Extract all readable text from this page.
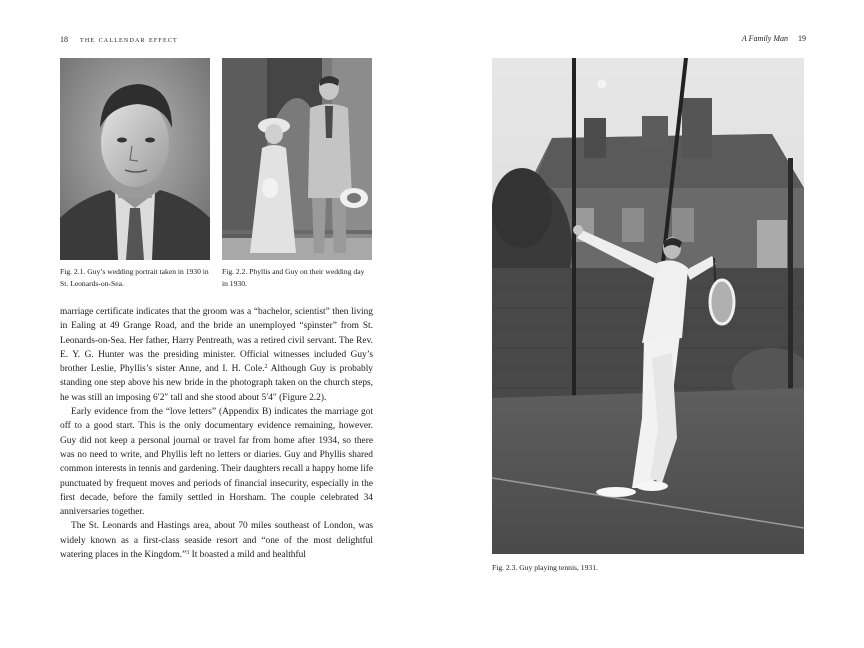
18 the callendar effect
Fig. 2.1. Guy’s wedding portrait taken in 1930 in St. Leonards-on-Sea.
Fig. 2.2. Phyllis and Guy on their wedding day in 1930.

marriage certificate indicates that the groom was a “bachelor, scientist” then living in Ealing at 49 Grange Road, and the bride an unemployed “spinster” from St. Leonards-on-Sea. Her father, Harry Pentreath, was a retired civil servant. The Rev. E. Y. G. Hunter was the presiding minister. Official witnesses included Guy’s brother Leslie, Phyllis’s sister Anne, and I. H. Cole.$^2$ Although Guy is probably standing one step above his new bride in the photograph taken on the church steps, he was still an imposing 6′2″ tall and she stood about 5′4″ (Figure 2.2).

Early evidence from the “love letters” (Appendix B) indicates the marriage got off to a good start. This is the only documentary evidence remaining, however. Guy did not keep a personal journal or travel far from home after 1934, so there was no need to write, and Phyllis left no letters or diaries. Guy and Phyllis shared common interests in tennis and gardening. Their daughters recall a happy home life punctuated by frequent moves and periods of financial insecurity, especially in the first decade, before the family settled in Horsham. The couple celebrated 34 anniversaries together.

The St. Leonards and Hastings area, about 70 miles southeast of London, was widely known as a first-class seaside resort and “one of the most delightful watering places in the Kingdom.”$^3$ It boasted a mild and healthful

A Family Man 19
Fig. 2.3. Guy playing tennis, 1931.
